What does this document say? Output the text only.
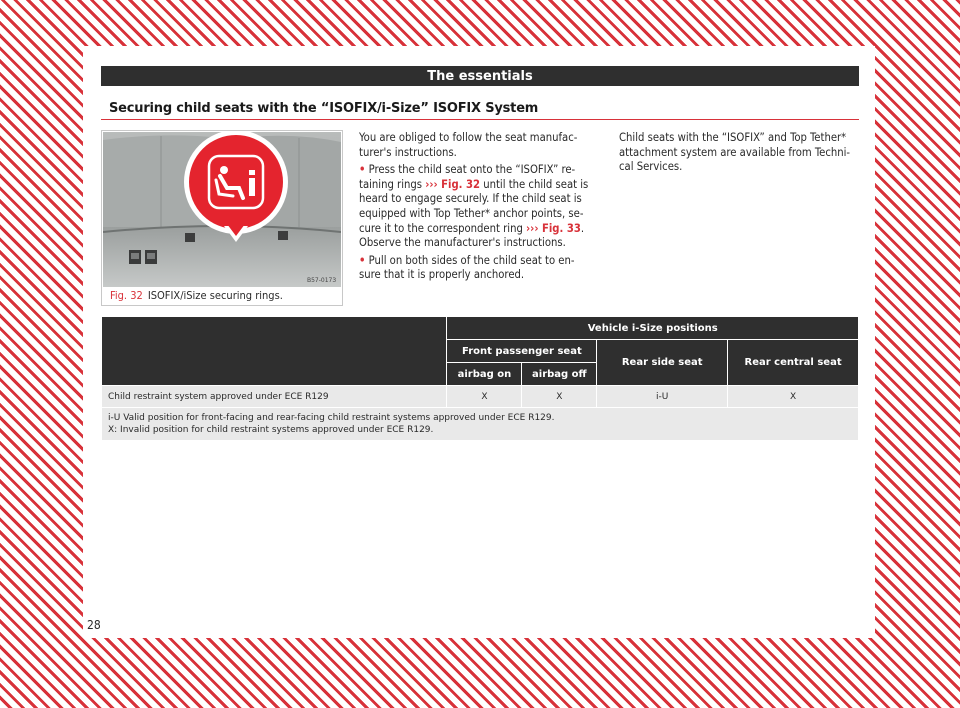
The essentials
Securing child seats with the “ISOFIX/i-Size” ISOFIX System
B57-0173
Fig. 32 ISOFIX/iSize securing rings.

You are obliged to follow the seat manufac-turer's instructions.

• Press the child seat onto the “ISOFIX” re-taining rings ››› Fig. 32 until the child seat is heard to engage securely. If the child seat is equipped with Top Tether* anchor points, se-cure it to the correspondent ring ››› Fig. 33. Observe the manufacturer's instructions.

• Pull on both sides of the child seat to en-sure that it is properly anchored.

Child seats with the “ISOFIX” and Top Tether* attachment system are available from Techni-cal Services.

	Vehicle i-Size positions			
	Front passenger seat		Rear side seat	Rear central seat
	airbag on	airbag off		
Child restraint system approved under ECE R129	X	X	i-U	X

i-U Valid position for front-facing and rear-facing child restraint systems approved under ECE R129.
X: Invalid position for child restraint systems approved under ECE R129.				
28
